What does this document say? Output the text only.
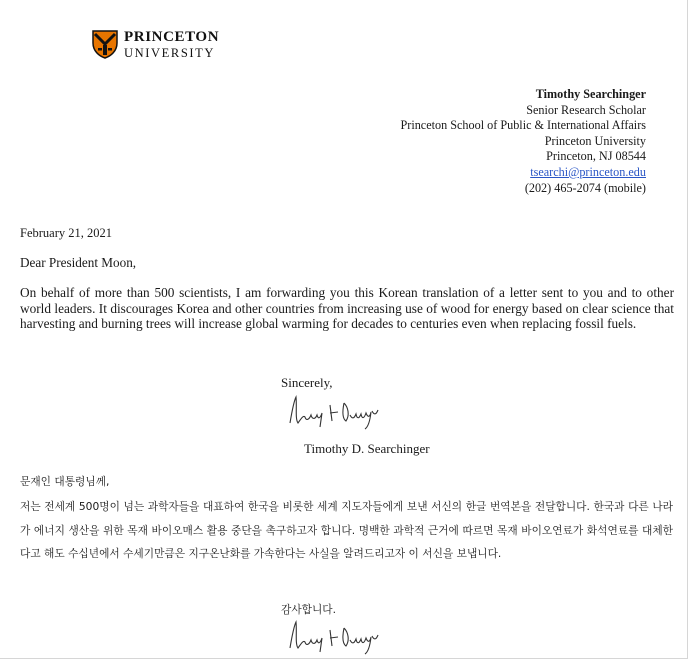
PRINCETON
UNIVERSITY
Timothy Searchinger
Senior Research Scholar
Princeton School of Public & International Affairs
Princeton University
Princeton, NJ 08544
tsearchi@princeton.edu
(202) 465-2074 (mobile)
February 21, 2021
Dear President Moon,
On behalf of more than 500 scientists, I am forwarding you this Korean translation of a letter sent to you and to other world leaders. It discourages Korea and other countries from increasing use of wood for energy based on clear science that harvesting and burning trees will increase global warming for decades to centuries even when replacing fossil fuels.
Sincerely,
Timothy D. Searchinger
문재인 대통령님께,
저는 전세계 500명이 넘는 과학자들을 대표하여 한국을 비롯한 세계 지도자들에게 보낸 서신의 한글 번역본을 전달합니다. 한국과 다른 나라가 에너지 생산을 위한 목재 바이오매스 활용 중단을 촉구하고자 합니다. 명백한 과학적 근거에 따르면 목재 바이오연료가 화석연료를 대체한다고 해도 수십년에서 수세기만큼은 지구온난화를 가속한다는 사실을 알려드리고자 이 서신을 보냅니다.
감사합니다.
